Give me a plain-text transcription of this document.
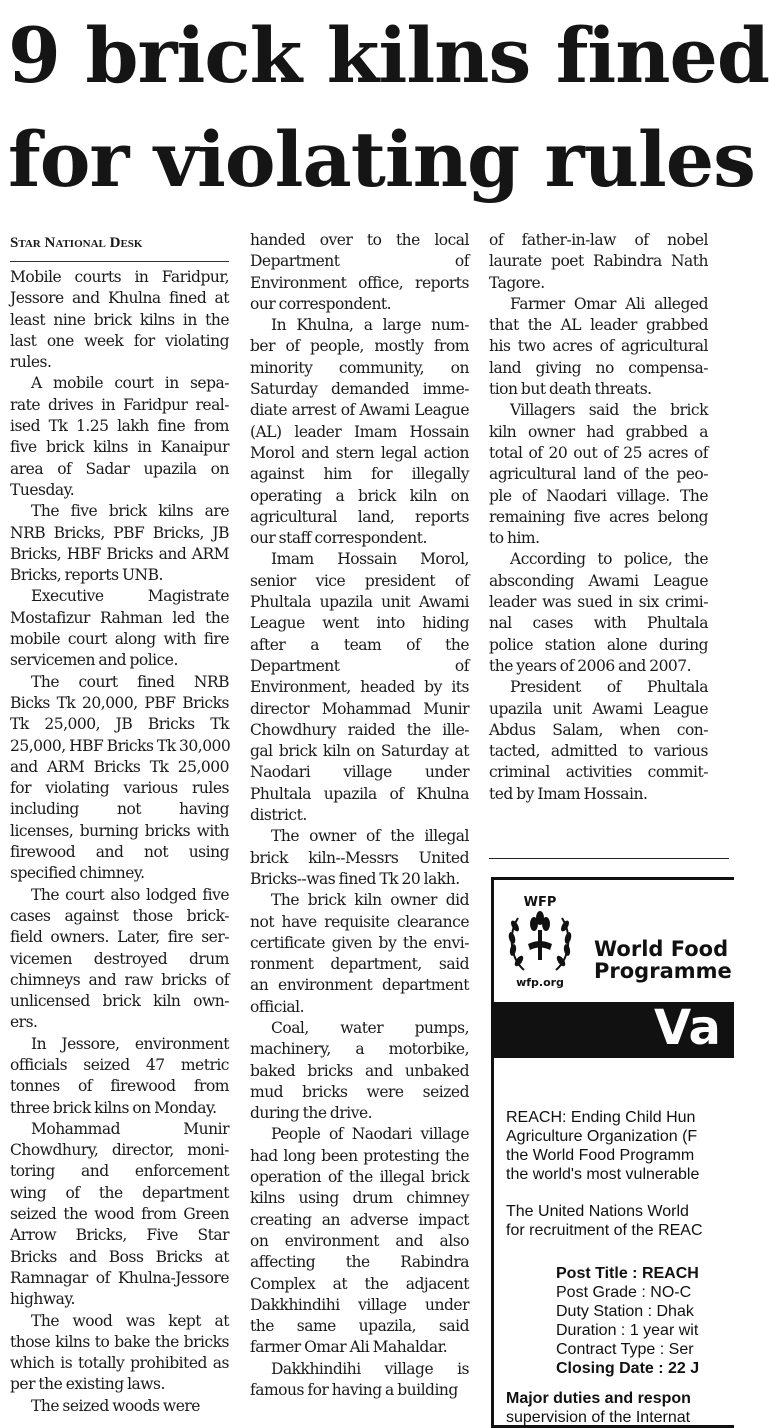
9 brick kilns fined
for violating rules
Star National Desk
Mobile courts in Faridpur,
Jessore and Khulna fined at
least nine brick kilns in the
last one week for violating
rules.
A mobile court in sepa-
rate drives in Faridpur real-
ised Tk 1.25 lakh fine from
five brick kilns in Kanaipur
area of Sadar upazila on
Tuesday.
The five brick kilns are
NRB Bricks, PBF Bricks, JB
Bricks, HBF Bricks and ARM
Bricks, reports UNB.
Executive Magistrate
Mostafizur Rahman led the
mobile court along with fire
servicemen and police.
The court fined NRB
Bicks Tk 20,000, PBF Bricks
Tk 25,000, JB Bricks Tk
25,000, HBF Bricks Tk 30,000
and ARM Bricks Tk 25,000
for violating various rules
including not having
licenses, burning bricks with
firewood and not using
specified chimney.
The court also lodged five
cases against those brick-
field owners. Later, fire ser-
vicemen destroyed drum
chimneys and raw bricks of
unlicensed brick kiln own-
ers.
In Jessore, environment
officials seized 47 metric
tonnes of firewood from
three brick kilns on Monday.
Mohammad Munir
Chowdhury, director, moni-
toring and enforcement
wing of the department
seized the wood from Green
Arrow Bricks, Five Star
Bricks and Boss Bricks at
Ramnagar of Khulna-Jessore
highway.
The wood was kept at
those kilns to bake the bricks
which is totally prohibited as
per the existing laws.
The seized woods were
handed over to the local
Department of
Environment office, reports
our correspondent.
In Khulna, a large num-
ber of people, mostly from
minority community, on
Saturday demanded imme-
diate arrest of Awami League
(AL) leader Imam Hossain
Morol and stern legal action
against him for illegally
operating a brick kiln on
agricultural land, reports
our staff correspondent.
Imam Hossain Morol,
senior vice president of
Phultala upazila unit Awami
League went into hiding
after a team of the
Department of
Environment, headed by its
director Mohammad Munir
Chowdhury raided the ille-
gal brick kiln on Saturday at
Naodari village under
Phultala upazila of Khulna
district.
The owner of the illegal
brick kiln--Messrs United
Bricks--was fined Tk 20 lakh.
The brick kiln owner did
not have requisite clearance
certificate given by the envi-
ronment department, said
an environment department
official.
Coal, water pumps,
machinery, a motorbike,
baked bricks and unbaked
mud bricks were seized
during the drive.
People of Naodari village
had long been protesting the
operation of the illegal brick
kilns using drum chimney
creating an adverse impact
on environment and also
affecting the Rabindra
Complex at the adjacent
Dakkhindihi village under
the same upazila, said
farmer Omar Ali Mahaldar.
Dakkhindihi village is
famous for having a building
of father-in-law of nobel
laurate poet Rabindra Nath
Tagore.
Farmer Omar Ali alleged
that the AL leader grabbed
his two acres of agricultural
land giving no compensa-
tion but death threats.
Villagers said the brick
kiln owner had grabbed a
total of 20 out of 25 acres of
agricultural land of the peo-
ple of Naodari village. The
remaining five acres belong
to him.
According to police, the
absconding Awami League
leader was sued in six crimi-
nal cases with Phultala
police station alone during
the years of 2006 and 2007.
President of Phultala
upazila unit Awami League
Abdus Salam, when con-
tacted, admitted to various
criminal activities commit-
ted by Imam Hossain.
WFP
wfp.org
World Food
Programme
Va
REACH: Ending Child Hun
Agriculture Organization (F
the World Food Programm
the world's most vulnerable
The United Nations World
for recruitment of the REAC
Post Title : REACH
Post Grade : NO-C
Duty Station : Dhak
Duration : 1 year wit
Contract Type : Ser
Closing Date : 22 J
Major duties and respon
supervision of the Internat
